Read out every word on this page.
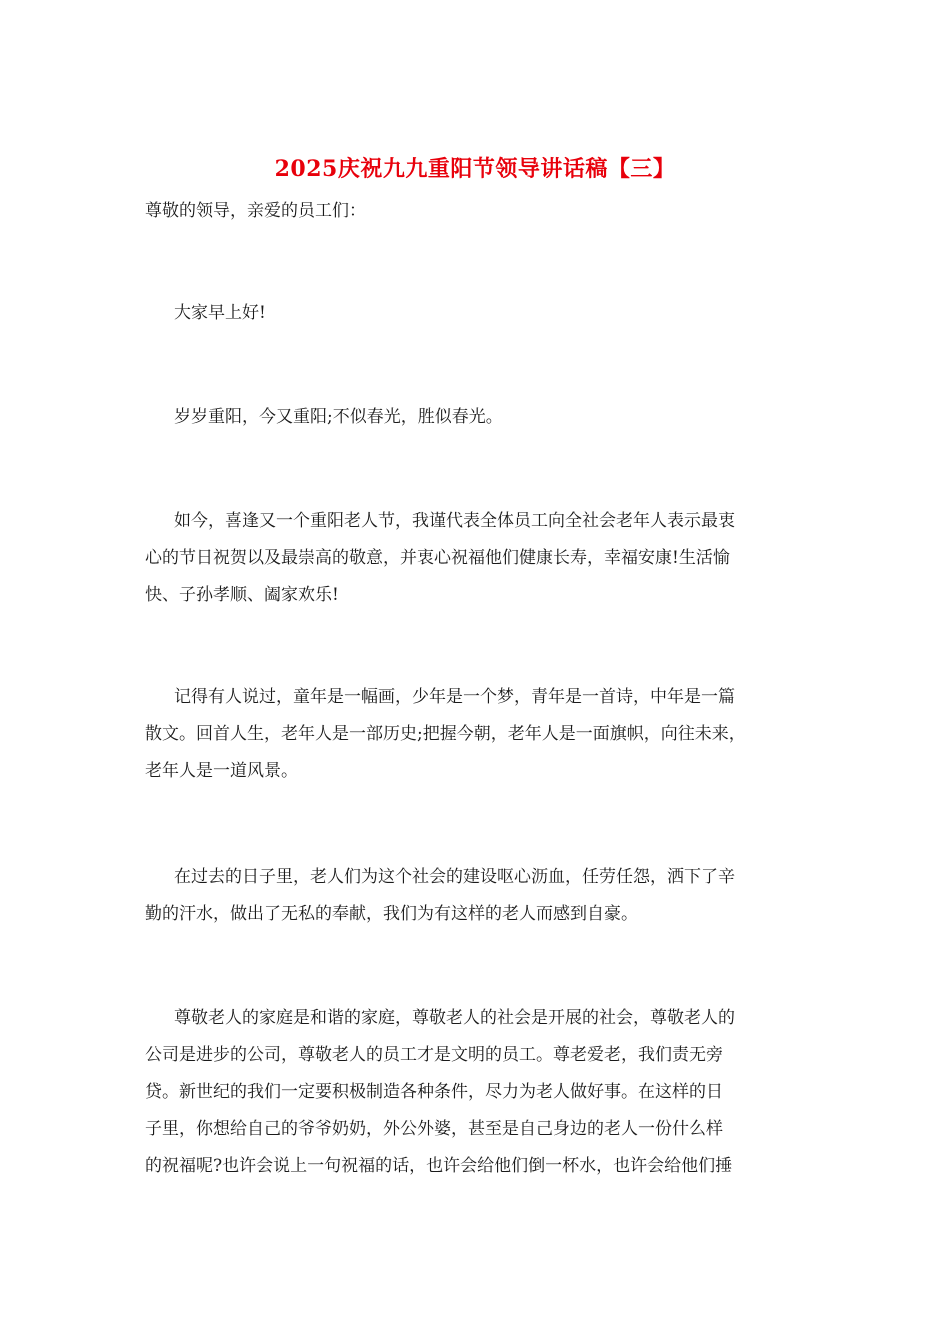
2025庆祝九九重阳节领导讲话稿【三】
尊敬的领导，亲爱的员工们：
大家早上好!
岁岁重阳，今又重阳;不似春光，胜似春光。
如今，喜逢又一个重阳老人节，我谨代表全体员工向全社会老年人表示最衷
心的节日祝贺以及最崇高的敬意，并衷心祝福他们健康长寿，幸福安康!生活愉
快、子孙孝顺、阖家欢乐!
记得有人说过，童年是一幅画，少年是一个梦，青年是一首诗，中年是一篇
散文。回首人生，老年人是一部历史;把握今朝，老年人是一面旗帜，向往未来，
老年人是一道风景。
在过去的日子里，老人们为这个社会的建设呕心沥血，任劳任怨，洒下了辛
勤的汗水，做出了无私的奉献，我们为有这样的老人而感到自豪。
尊敬老人的家庭是和谐的家庭，尊敬老人的社会是开展的社会，尊敬老人的
公司是进步的公司，尊敬老人的员工才是文明的员工。尊老爱老，我们责无旁
贷。新世纪的我们一定要积极制造各种条件，尽力为老人做好事。在这样的日
子里，你想给自己的爷爷奶奶，外公外婆，甚至是自己身边的老人一份什么样
的祝福呢?也许会说上一句祝福的话，也许会给他们倒一杯水，也许会给他们捶
